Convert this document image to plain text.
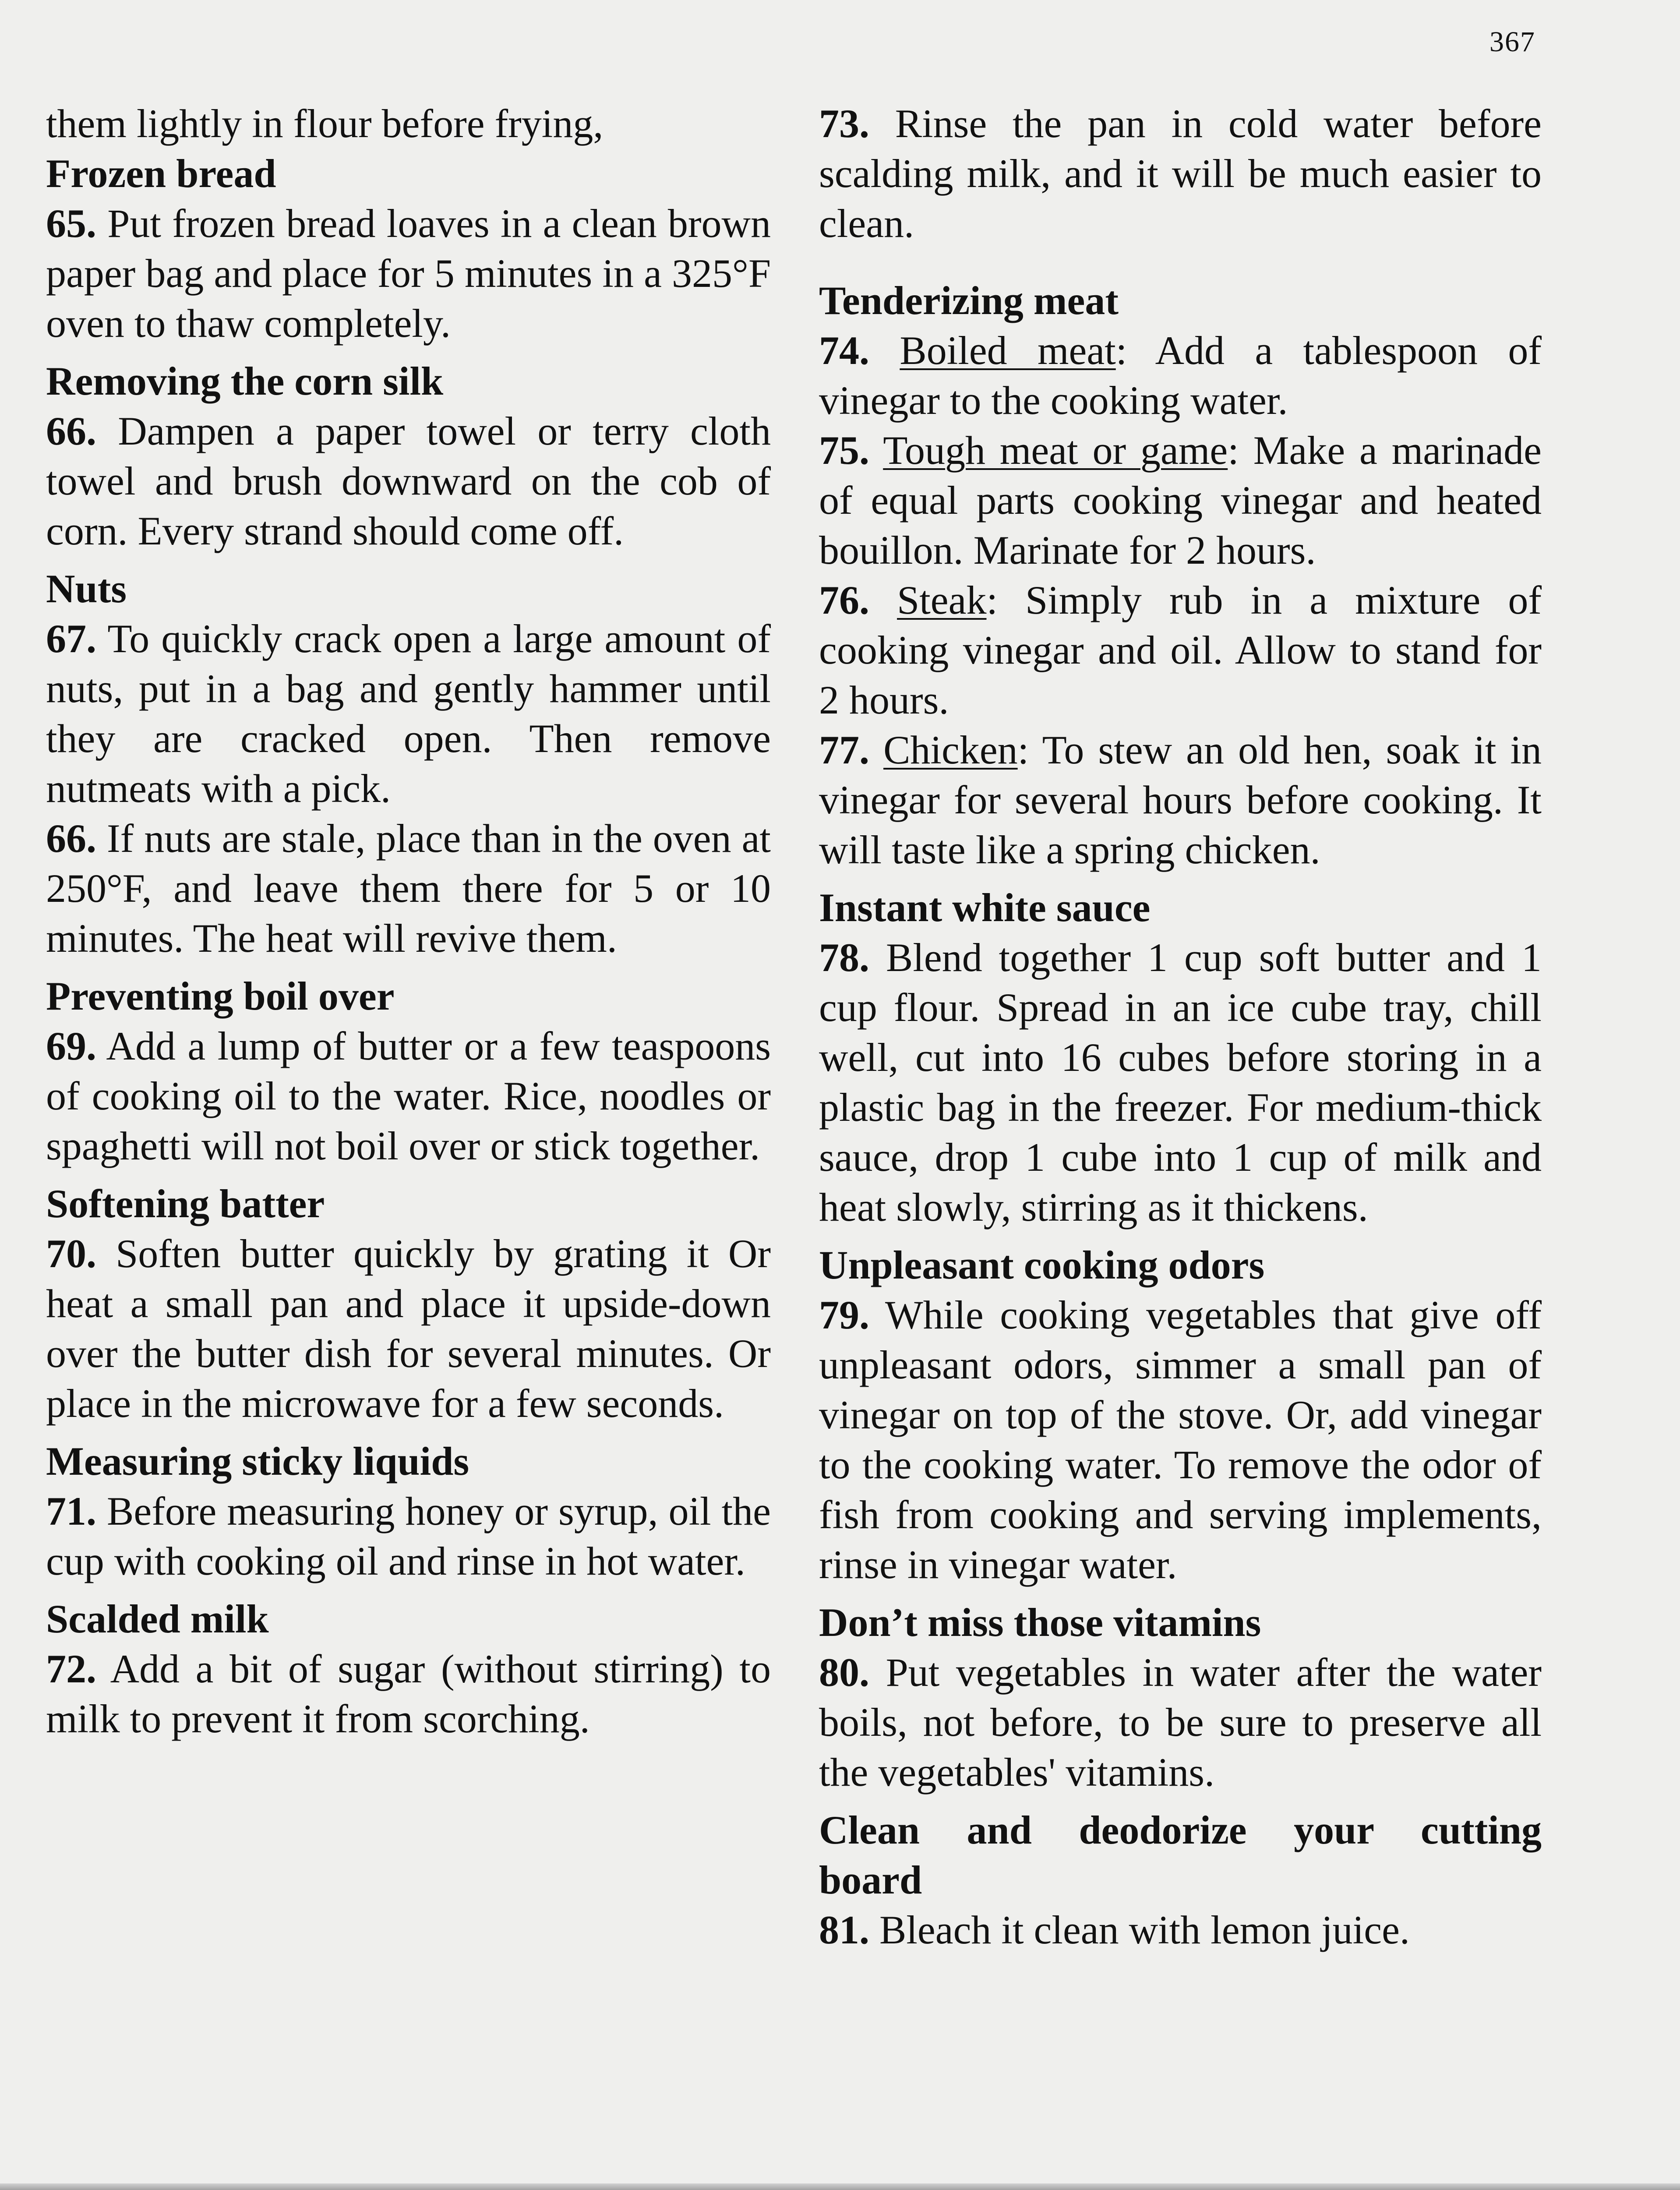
367

them lightly in flour before frying,

Frozen bread

65. Put frozen bread loaves in a clean brown paper bag and place for 5 minutes in a 325°F oven to thaw completely.

Removing the corn silk

66. Dampen a paper towel or terry cloth towel and brush downward on the cob of corn. Every strand should come off.

Nuts

67. To quickly crack open a large amount of nuts, put in a bag and gently hammer until they are cracked open. Then remove nutmeats with a pick.

66. If nuts are stale, place than in the oven at 250°F, and leave them there for 5 or 10 minutes. The heat will revive them.

Preventing boil over

69. Add a lump of butter or a few teaspoons of cooking oil to the water. Rice, noodles or spaghetti will not boil over or stick together.

Softening batter

70. Soften butter quickly by grating it Or heat a small pan and place it upside-down over the butter dish for several minutes. Or place in the microwave for a few seconds.

Measuring sticky liquids

71. Before measuring honey or syrup, oil the cup with cooking oil and rinse in hot water.

Scalded milk

72. Add a bit of sugar (without stirring) to milk to prevent it from scorching.

73. Rinse the pan in cold water before scalding milk, and it will be much easier to clean.

Tenderizing meat

74. Boiled meat: Add a tablespoon of vinegar to the cooking water.

75. Tough meat or game: Make a marinade of equal parts cooking vinegar and heated bouillon. Marinate for 2 hours.

76. Steak: Simply rub in a mixture of cooking vinegar and oil. Allow to stand for 2 hours.

77. Chicken: To stew an old hen, soak it in vinegar for several hours before cooking. It will taste like a spring chicken.

Instant white sauce

78. Blend together 1 cup soft butter and 1 cup flour. Spread in an ice cube tray, chill well, cut into 16 cubes before storing in a plastic bag in the freezer. For medium-thick sauce, drop 1 cube into 1 cup of milk and heat slowly, stirring as it thickens.

Unpleasant cooking odors

79. While cooking vegetables that give off unpleasant odors, simmer a small pan of vinegar on top of the stove. Or, add vinegar to the cooking water. To remove the odor of fish from cooking and serving implements, rinse in vinegar water.

Don’t miss those vitamins

80. Put vegetables in water after the water boils, not before, to be sure to preserve all the vegetables' vitamins.

Clean and deodorize your cutting

board

81. Bleach it clean with lemon juice.
